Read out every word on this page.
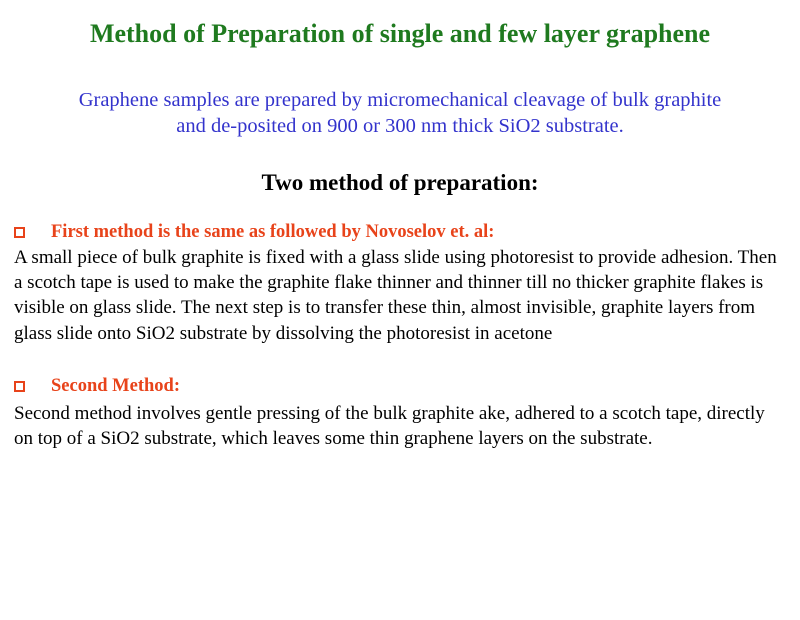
Method of Preparation of single and few layer graphene

Graphene samples are prepared by micromechanical cleavage of bulk graphite
and de-posited on 900 or 300 nm thick SiO2 substrate.

Two method of preparation:
First method is the same as followed by Novoselov et. al:

A small piece of bulk graphite is fixed with a glass slide using photoresist to provide adhesion. Then a scotch tape is used to make the graphite flake thinner and thinner till no thicker graphite flakes is visible on glass slide. The next step is to transfer these thin, almost invisible, graphite layers from glass slide onto SiO2 substrate by dissolving the photoresist in acetone

Second Method:

Second method involves gentle pressing of the bulk graphite ake, adhered to a scotch tape, directly on top of a SiO2 substrate, which leaves some thin graphene layers on the substrate.
